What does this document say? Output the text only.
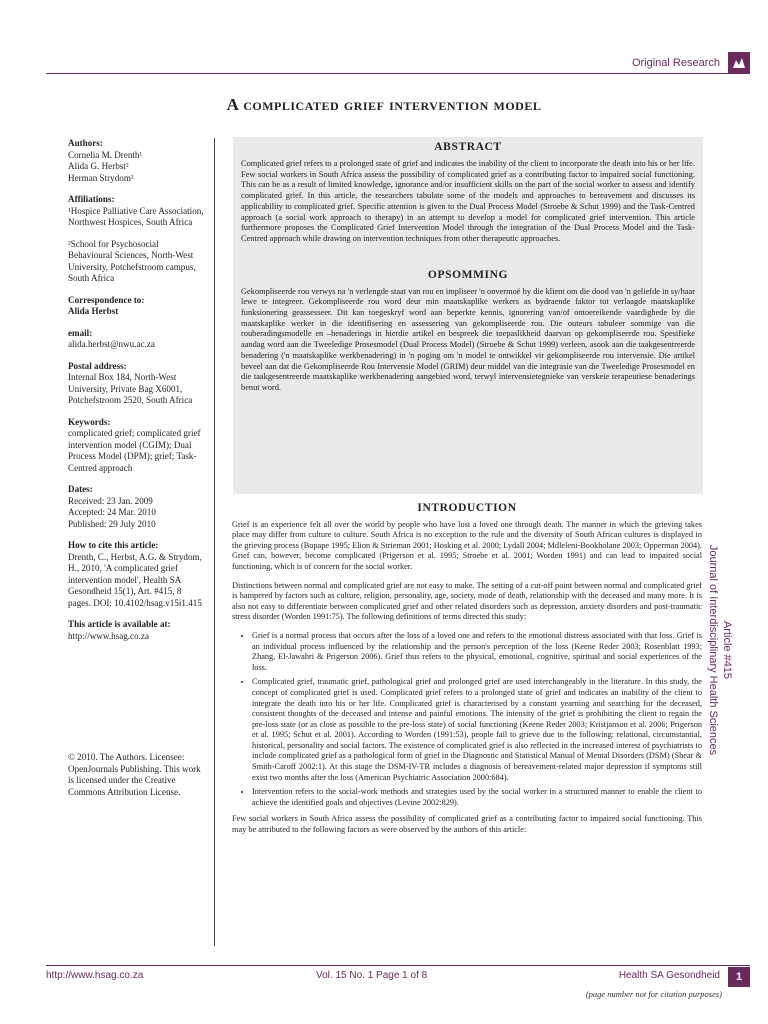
Original Research
A complicated grief intervention model

Authors:

Cornelia M. Drenth¹
Alida G. Herbst²
Herman Strydom²

Affiliations:

¹Hospice Palliative Care Association, Northwest Hospices, South Africa

²School for Psychosocial Behavioural Sciences, North-West University, Potchefstroom campus, South Africa

Correspondence to:

Alida Herbst

email:

alida.herbst@nwu.ac.za

Postal address:

Internal Box 184, North-West University, Private Bag X6001, Potchefstroom 2520, South Africa

Keywords:

complicated grief; complicated grief intervention model (CGIM); Dual Process Model (DPM); grief; Task-Centred approach

Dates:

Received: 23 Jan. 2009
Accepted: 24 Mar. 2010
Published: 29 July 2010

How to cite this article:

Drenth, C., Herbst, A.G. & Strydom, H., 2010, 'A complicated grief intervention model', Health SA Gesondheid 15(1), Art. #415, 8 pages. DOI: 10.4102/hsag.v15i1.415

This article is available at:

http://www.hsag.co.za

© 2010. The Authors. Licensee: OpenJournals Publishing. This work is licensed under the Creative Commons Attribution License.

ABSTRACT

Complicated grief refers to a prolonged state of grief and indicates the inability of the client to incorporate the death into his or her life. Few social workers in South Africa assess the possibility of complicated grief as a contributing factor to impaired social functioning. This can be as a result of limited knowledge, ignorance and/or insufficient skills on the part of the social worker to assess and identify complicated grief. In this article, the researchers tabulate some of the models and approaches to bereavement and discusses its applicability to complicated grief. Specific attention is given to the Dual Process Model (Stroebe & Schut 1999) and the Task-Centred approach (a social work approach to therapy) in an attempt to develop a model for complicated grief intervention. This article furthermore proposes the Complicated Grief Intervention Model through the integration of the Dual Process Model and the Task-Centred approach while drawing on intervention techniques from other therapeutic approaches.

OPSOMMING

Gekompliseerde rou verwys na 'n verlengde staat van rou en impliseer 'n onvermoë by die klient om die dood van 'n geliefde in sy/haar lewe te integreer. Gekompliseerde rou word deur min maatskaplike werkers as bydraende faktor tot verlaagde maatskaplike funksionering geassesseer. Dit kan toegeskryf word aan beperkte kennis, ignorering van/of ontoereikende vaardighede by die maatskaplike werker in die identifisering en assessering van gekompliseerde rou. Die outeurs tabuleer sommige van die rouberadingsmodelle en –benaderings in hierdie artikel en bespreek die toepaslikheid daarvan op gekompliseerde rou. Spesifieke aandag word aan die Tweeledige Prosesmodel (Dual Process Model) (Stroebe & Schut 1999) verleen, asook aan die taakgesentreerde benadering ('n maatskaplike werkbenadering) in 'n poging om 'n model te ontwikkel vir gekompliseerde rou intervensie. Die artikel beveel aan dat die Gekompliseerde Rou Intervensie Model (GRIM) deur middel van die integrasie van die Tweeledige Prosesmodel en die taakgesentreerde maatskaplike werkbenadering aangebied word, terwyl intervensietegnieke van verskeie terapeutiese benaderings benut word.

INTRODUCTION

Grief is an experience felt all over the world by people who have lost a loved one through death. The manner in which the grieving takes place may differ from culture to culture. South Africa is no exception to the rule and the diversity of South African cultures is displayed in the grieving process (Bopape 1995; Elion & Strieman 2001; Hosking et al. 2000; Lydall 2004; Mdleleni-Bookholane 2003; Opperman 2004). Grief can, however, become complicated (Prigerson et al. 1995; Stroebe et al. 2001; Worden 1991) and can lead to impaired social functioning, which is of concern for the social worker.

Distinctions between normal and complicated grief are not easy to make. The setting of a cut-off point between normal and complicated grief is hampered by factors such as culture, religion, personality, age, society, mode of death, relationship with the deceased and many more. It is also not easy to differentiate between complicated grief and other related disorders such as depression, anxiety disorders and post-traumatic stress disorder (Worden 1991:75). The following definitions of terms directed this study:

• Grief is a normal process that occurs after the loss of a loved one and refers to the emotional distress associated with that loss. Grief is an individual process influenced by the relationship and the person's perception of the loss (Keene Reder 2003; Rosenblatt 1993; Zhang, El-Jawahri & Prigerson 2006). Grief thus refers to the physical, emotional, cognitive, spiritual and social experiences of the loss.
• Complicated grief, traumatic grief, pathological grief and prolonged grief are used interchangeably in the literature. In this study, the concept of complicated grief is used. Complicated grief refers to a prolonged state of grief and indicates an inability of the client to integrate the death into his or her life. Complicated grief is characterised by a constant yearning and searching for the deceased, consistent thoughts of the deceased and intense and painful emotions. The intensity of the grief is prohibiting the client to regain the pre-loss state (or as close as possible to the pre-loss state) of social functioning (Keene Reder 2003; Kristjanson et al. 2006; Prigerson et al. 1995; Schut et al. 2001). According to Worden (1991:53), people fail to grieve due to the following: relational, circumstantial, historical, personality and social factors. The existence of complicated grief is also reflected in the increased interest of psychiatrists to include complicated grief as a pathological form of grief in the Diagnostic and Statistical Manual of Mental Disorders (DSM) (Shear & Smith-Caroff 2002:1). At this stage the DSM-IV-TR includes a diagnosis of bereavement-related major depression if symptoms still exist two months after the loss (American Psychiatric Association 2000:684).
• Intervention refers to the social-work methods and strategies used by the social worker in a structured manner to enable the client to achieve the identified goals and objectives (Levine 2002:829).

Few social workers in South Africa assess the possibility of complicated grief as a contributing factor to impaired social functioning. This may be attributed to the following factors as were observed by the authors of this article:

Article #415
Journal of Interdisciplinary Health Sciences
http://www.hsag.co.za	Vol. 15 No. 1 Page 1 of 8	Health SA Gesondheid	1
(page number not for citation purposes)
